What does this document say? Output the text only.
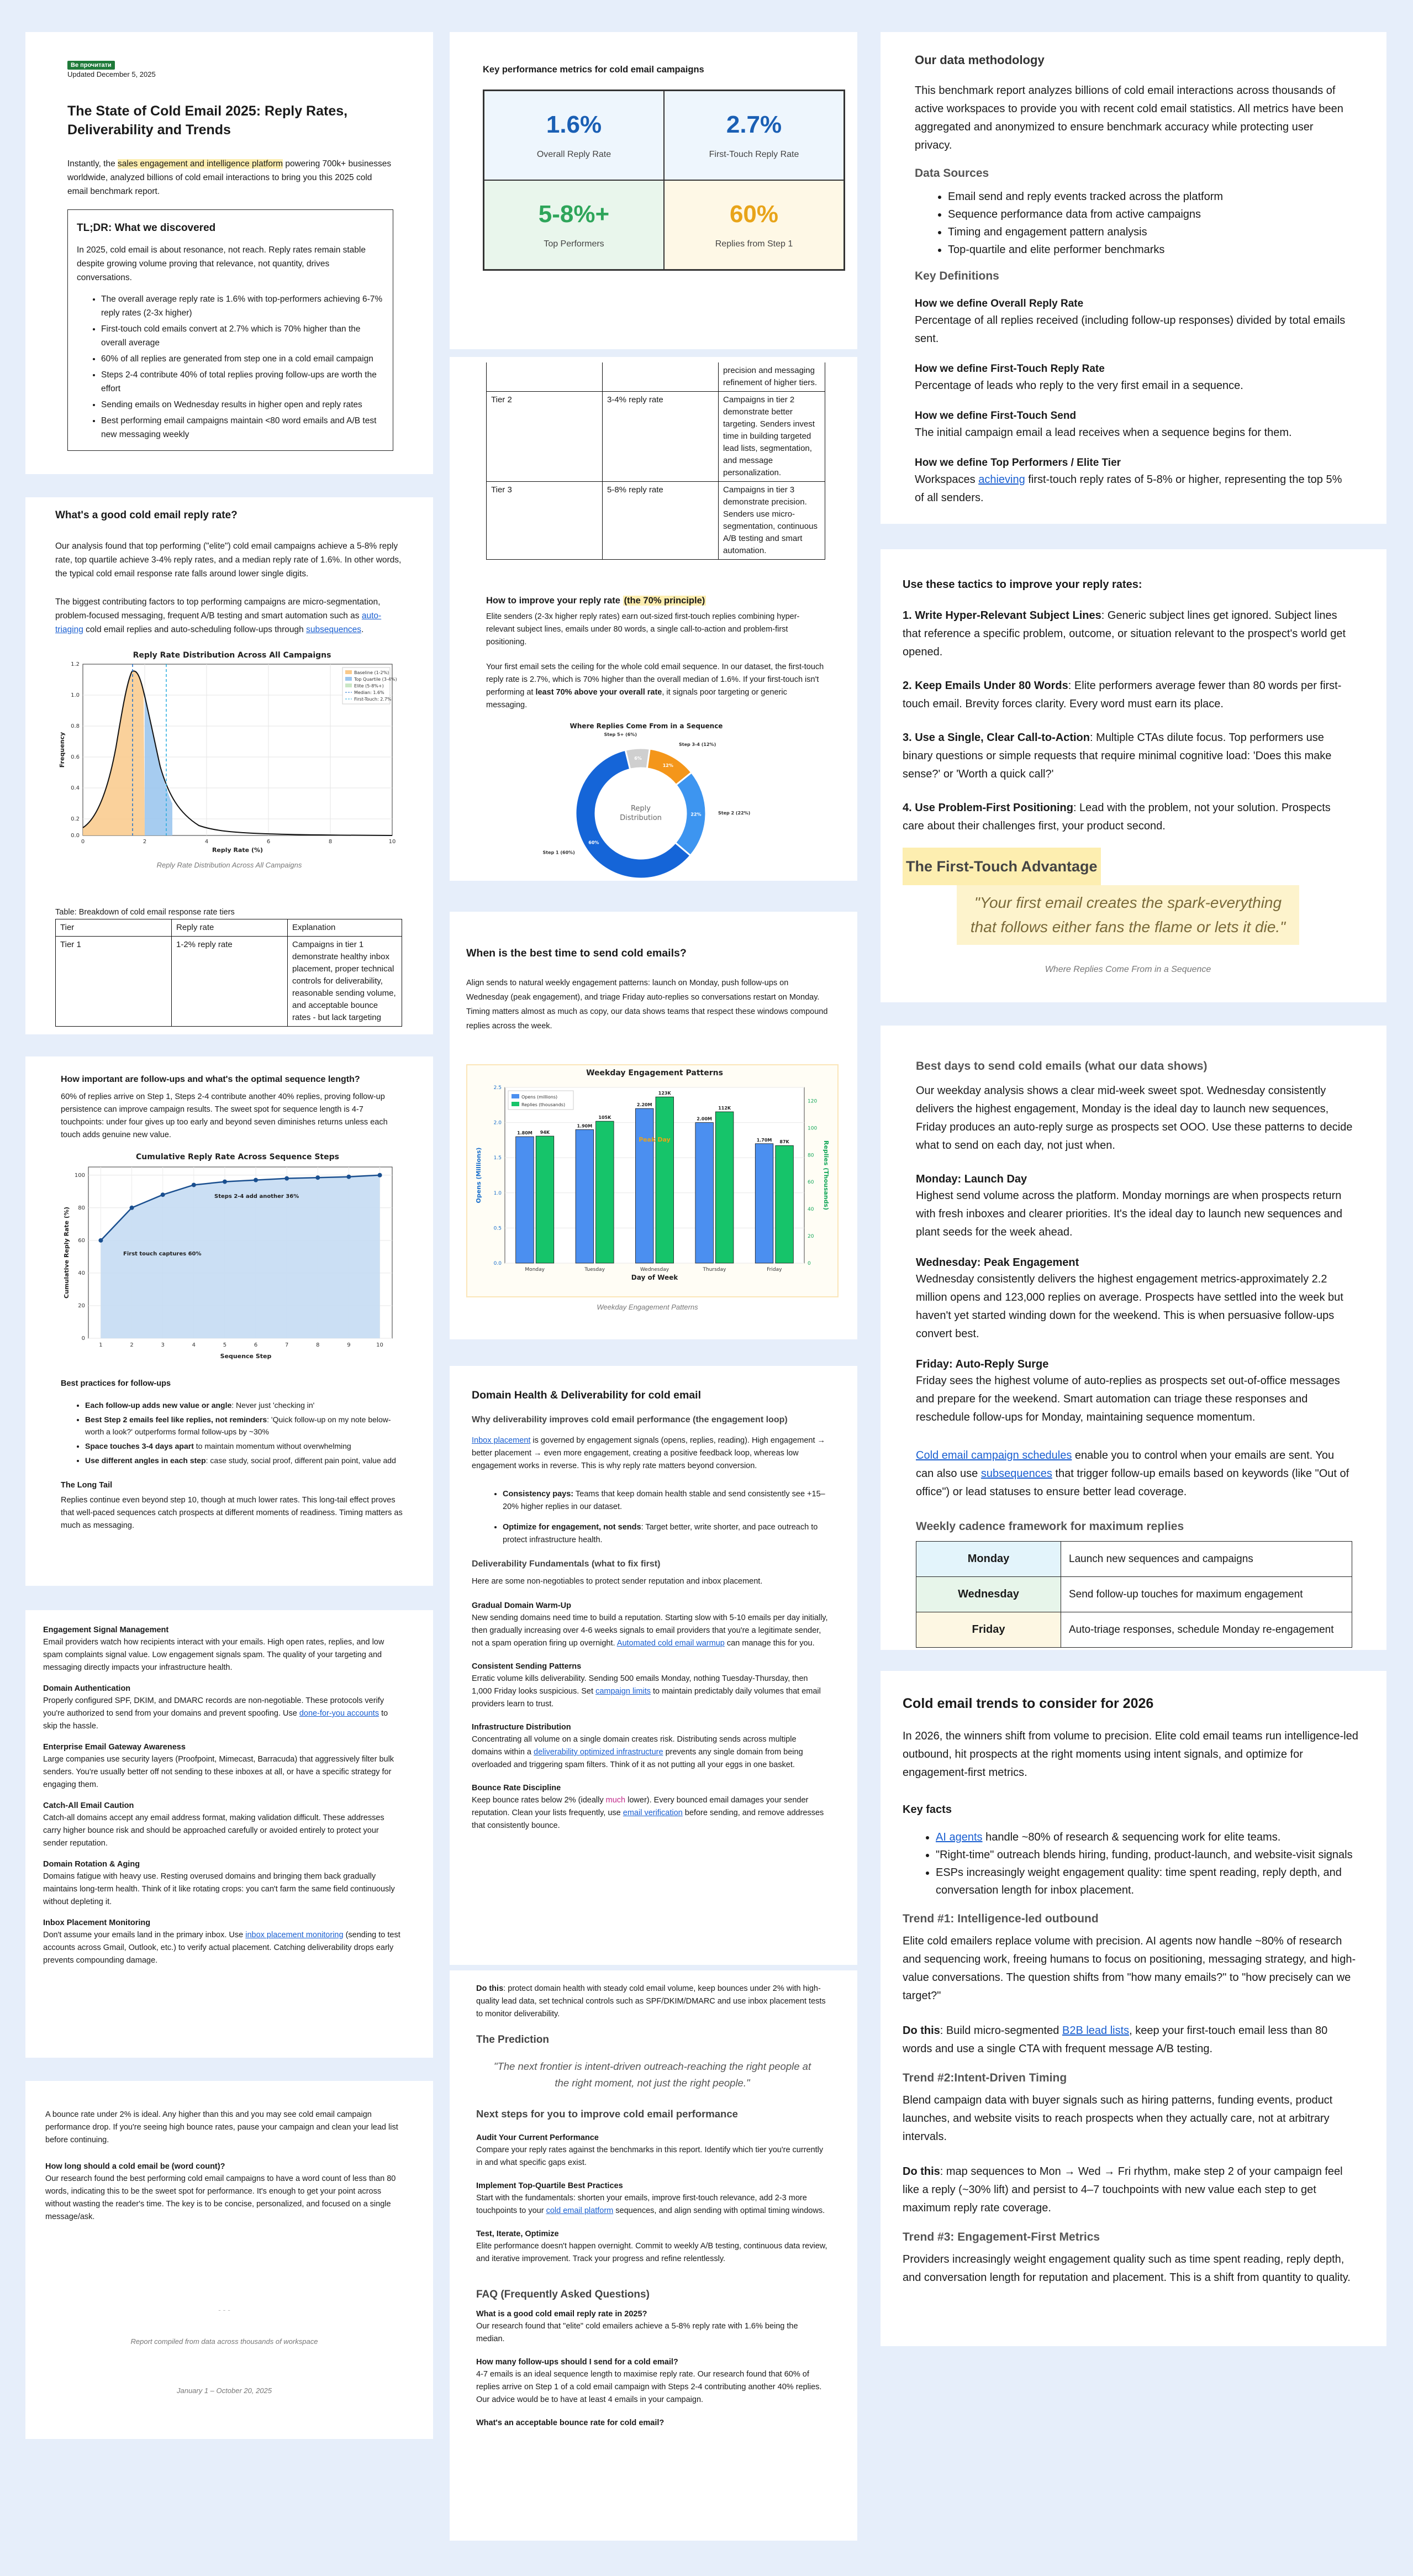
Be прочитати
Updated December 5, 2025
The State of Cold Email 2025: Reply Rates, Deliverability and Trends
Instantly, the sales engagement and intelligence platform powering 700k+ businesses worldwide, analyzed billions of cold email interactions to bring you this 2025 cold email benchmark report.
TL;DR: What we discovered
In 2025, cold email is about resonance, not reach. Reply rates remain stable despite growing volume proving that relevance, not quantity, drives conversations.
• The overall average reply rate is 1.6% with top-performers achieving 6-7% reply rates (2-3x higher)
• First-touch cold emails convert at 2.7% which is 70% higher than the overall average
• 60% of all replies are generated from step one in a cold email campaign
• Steps 2-4 contribute 40% of total replies proving follow-ups are worth the effort
• Sending emails on Wednesday results in higher open and reply rates
• Best performing email campaigns maintain <80 word emails and A/B test new messaging weekly
What's a good cold email reply rate?
Our analysis found that top performing ("elite") cold email campaigns achieve a 5-8% reply rate, top quartile achieve 3-4% reply rates, and a median reply rate of 1.6%. In other words, the typical cold email response rate falls around lower single digits.
The biggest contributing factors to top performing campaigns are micro-segmentation, problem-focused messaging, frequent A/B testing and smart automation such as auto-triaging cold email replies and auto-scheduling follow-ups through subsequences.
Reply Rate Distribution Across All Campaigns
0	2	4	6	8	10
0.0
0.2
0.4
0.6
0.8
1.0
1.2
Reply Rate (%)
Frequency
Baseline (1-2%)
Top Quartile (3-4%)
Elite (5-8%+)
Median: 1.6%
First-Touch: 2.7%
Reply Rate Distribution Across All Campaigns
Table: Breakdown of cold email response rate tiers
Tier	Reply rate	Explanation
Tier 1	1-2% reply rate	Campaigns in tier 1 demonstrate healthy inbox placement, proper technical controls for deliverability, reasonable sending volume, and acceptable bounce rates - but lack targeting
How important are follow-ups and what's the optimal sequence length?
60% of replies arrive on Step 1, Steps 2-4 contribute another 40% replies, proving follow-up persistence can improve campaign results. The sweet spot for sequence length is 4-7 touchpoints: under four gives up too early and beyond seven diminishes returns unless each touch adds genuine new value.
Cumulative Reply Rate Across Sequence Steps
1	2	3	4	5	6	7	8	9	10
0
20
40
60
80
100
First touch captures 60%
Steps 2-4 add another 36%
Sequence Step
Cumulative Reply Rate (%)
Best practices for follow-ups
• Each follow-up adds new value or angle: Never just 'checking in'
• Best Step 2 emails feel like replies, not reminders: 'Quick follow-up on my note below-worth a look?' outperforms formal follow-ups by ~30%
• Space touches 3-4 days apart to maintain momentum without overwhelming
• Use different angles in each step: case study, social proof, different pain point, value add
The Long Tail
Replies continue even beyond step 10, though at much lower rates. This long-tail effect proves that well-paced sequences catch prospects at different moments of readiness. Timing matters as much as messaging.
Engagement Signal Management
Email providers watch how recipients interact with your emails. High open rates, replies, and low spam complaints signal value. Low engagement signals spam. The quality of your targeting and messaging directly impacts your infrastructure health.
Domain Authentication
Properly configured SPF, DKIM, and DMARC records are non-negotiable. These protocols verify you're authorized to send from your domains and prevent spoofing. Use done-for-you accounts to skip the hassle.
Enterprise Email Gateway Awareness
Large companies use security layers (Proofpoint, Mimecast, Barracuda) that aggressively filter bulk senders. You're usually better off not sending to these inboxes at all, or have a specific strategy for engaging them.
Catch-All Email Caution
Catch-all domains accept any email address format, making validation difficult. These addresses carry higher bounce risk and should be approached carefully or avoided entirely to protect your sender reputation.
Domain Rotation & Aging
Domains fatigue with heavy use. Resting overused domains and bringing them back gradually maintains long-term health. Think of it like rotating crops: you can't farm the same field continuously without depleting it.
Inbox Placement Monitoring
Don't assume your emails land in the primary inbox. Use inbox placement monitoring (sending to test accounts across Gmail, Outlook, etc.) to verify actual placement. Catching deliverability drops early prevents compounding damage.
A bounce rate under 2% is ideal. Any higher than this and you may see cold email campaign performance drop. If you're seeing high bounce rates, pause your campaign and clean your lead list before continuing.
How long should a cold email be (word count)?
Our research found the best performing cold email campaigns to have a word count of less than 80 words, indicating this to be the sweet spot for performance. It's enough to get your point across without wasting the reader's time. The key is to be concise, personalized, and focused on a single message/ask.
- - -
Report compiled from data across thousands of workspace
January 1 – October 20, 2025
Key performance metrics for cold email campaigns
1.6%
Overall Reply Rate
2.7%
First-Touch Reply Rate
5-8%+
Top Performers
60%
Replies from Step 1
		precision and messaging refinement of higher tiers.
Tier 2	3-4% reply rate	Campaigns in tier 2 demonstrate better targeting. Senders invest time in building targeted lead lists, segmentation, and message personalization.
Tier 3	5-8% reply rate	Campaigns in tier 3 demonstrate precision. Senders use micro-segmentation, continuous A/B testing and smart automation.
How to improve your reply rate (the 70% principle)
Elite senders (2-3x higher reply rates) earn out-sized first-touch replies combining hyper-relevant subject lines, emails under 80 words, a single call-to-action and problem-first positioning.
Your first email sets the ceiling for the whole cold email sequence. In our dataset, the first-touch reply rate is 2.7%, which is 70% higher than the overall median of 1.6%. If your first-touch isn't performing at least 70% above your overall rate, it signals poor targeting or generic messaging.
Where Replies Come From in a Sequence
6%
Step 5+ (6%)
12%
Step 3-4 (12%)
22%	Step 2 (22%)
60%
Step 1 (60%)
Reply
Distribution
When is the best time to send cold emails?
Align sends to natural weekly engagement patterns: launch on Monday, push follow-ups on Wednesday (peak engagement), and triage Friday auto-replies so conversations restart on Monday. Timing matters almost as much as copy, our data shows teams that respect these windows compound replies across the week.
Weekday Engagement Patterns
0.0
0.5
1.0
1.5
2.0
2.5
0
20
40
60
80
100
120
1.80M 94K
Monday
1.90M
105K
Tuesday
2.20M
123K
Wednesday
Peak Day
2.00M
112K
Thursday
1.70M 87K
Friday
Day of Week
Opens (Millions)	Replies (Thousands)
Opens (millions)
Replies (thousands)
Weekday Engagement Patterns
Domain Health & Deliverability for cold email
Why deliverability improves cold email performance (the engagement loop)
Inbox placement is governed by engagement signals (opens, replies, reading). High engagement → better placement → even more engagement, creating a positive feedback loop, whereas low engagement works in reverse. This is why reply rate matters beyond conversion.
• Consistency pays: Teams that keep domain health stable and send consistently see +15–20% higher replies in our dataset.
• Optimize for engagement, not sends: Target better, write shorter, and pace outreach to protect infrastructure health.
Deliverability Fundamentals (what to fix first)
Here are some non-negotiables to protect sender reputation and inbox placement.
Gradual Domain Warm-Up
New sending domains need time to build a reputation. Starting slow with 5-10 emails per day initially, then gradually increasing over 4-6 weeks signals to email providers that you're a legitimate sender, not a spam operation firing up overnight. Automated cold email warmup can manage this for you.
Consistent Sending Patterns
Erratic volume kills deliverability. Sending 500 emails Monday, nothing Tuesday-Thursday, then 1,000 Friday looks suspicious. Set campaign limits to maintain predictably daily volumes that email providers learn to trust.
Infrastructure Distribution
Concentrating all volume on a single domain creates risk. Distributing sends across multiple domains within a deliverability optimized infrastructure prevents any single domain from being overloaded and triggering spam filters. Think of it as not putting all your eggs in one basket.
Bounce Rate Discipline
Keep bounce rates below 2% (ideally much lower). Every bounced email damages your sender reputation. Clean your lists frequently, use email verification before sending, and remove addresses that consistently bounce.
Do this: protect domain health with steady cold email volume, keep bounces under 2% with high-quality lead data, set technical controls such as SPF/DKIM/DMARC and use inbox placement tests to monitor deliverability.
The Prediction
"The next frontier is intent-driven outreach-reaching the right people at the right moment, not just the right people."
Next steps for you to improve cold email performance
Audit Your Current Performance
Compare your reply rates against the benchmarks in this report. Identify which tier you're currently in and what specific gaps exist.
Implement Top-Quartile Best Practices
Start with the fundamentals: shorten your emails, improve first-touch relevance, add 2-3 more touchpoints to your cold email platform sequences, and align sending with optimal timing windows.
Test, Iterate, Optimize
Elite performance doesn't happen overnight. Commit to weekly A/B testing, continuous data review, and iterative improvement. Track your progress and refine relentlessly.
FAQ (Frequently Asked Questions)
What is a good cold email reply rate in 2025?
Our research found that "elite" cold emailers achieve a 5-8% reply rate with 1.6% being the median.
How many follow-ups should I send for a cold email?
4-7 emails is an ideal sequence length to maximise reply rate. Our research found that 60% of replies arrive on Step 1 of a cold email campaign with Steps 2-4 contributing another 40% replies. Our advice would be to have at least 4 emails in your campaign.
What's an acceptable bounce rate for cold email?
Our data methodology
This benchmark report analyzes billions of cold email interactions across thousands of active workspaces to provide you with recent cold email statistics. All metrics have been aggregated and anonymized to ensure benchmark accuracy while protecting user privacy.
Data Sources
• Email send and reply events tracked across the platform
• Sequence performance data from active campaigns
• Timing and engagement pattern analysis
• Top-quartile and elite performer benchmarks
Key Definitions
How we define Overall Reply Rate
Percentage of all replies received (including follow-up responses) divided by total emails sent.
How we define First-Touch Reply Rate
Percentage of leads who reply to the very first email in a sequence.
How we define First-Touch Send
The initial campaign email a lead receives when a sequence begins for them.
How we define Top Performers / Elite Tier
Workspaces achieving first-touch reply rates of 5-8% or higher, representing the top 5% of all senders.
Use these tactics to improve your reply rates:
1. Write Hyper-Relevant Subject Lines: Generic subject lines get ignored. Subject lines that reference a specific problem, outcome, or situation relevant to the prospect's world get opened.
2. Keep Emails Under 80 Words: Elite performers average fewer than 80 words per first-touch email. Brevity forces clarity. Every word must earn its place.
3. Use a Single, Clear Call-to-Action: Multiple CTAs dilute focus. Top performers use binary questions or simple requests that require minimal cognitive load: 'Does this make sense?' or 'Worth a quick call?'
4. Use Problem-First Positioning: Lead with the problem, not your solution. Prospects care about their challenges first, your product second.
The First-Touch Advantage
"Your first email creates the spark-everything that follows either fans the flame or lets it die."
Where Replies Come From in a Sequence
Best days to send cold emails (what our data shows)
Our weekday analysis shows a clear mid-week sweet spot. Wednesday consistently delivers the highest engagement, Monday is the ideal day to launch new sequences, Friday produces an auto-reply surge as prospects set OOO. Use these patterns to decide what to send on each day, not just when.
Monday: Launch Day
Highest send volume across the platform. Monday mornings are when prospects return with fresh inboxes and clearer priorities. It's the ideal day to launch new sequences and plant seeds for the week ahead.
Wednesday: Peak Engagement
Wednesday consistently delivers the highest engagement metrics-approximately 2.2 million opens and 123,000 replies on average. Prospects have settled into the week but haven't yet started winding down for the weekend. This is when persuasive follow-ups convert best.
Friday: Auto-Reply Surge
Friday sees the highest volume of auto-replies as prospects set out-of-office messages and prepare for the weekend. Smart automation can triage these responses and reschedule follow-ups for Monday, maintaining sequence momentum.
Cold email campaign schedules enable you to control when your emails are sent. You can also use subsequences that trigger follow-up emails based on keywords (like "Out of office") or lead statuses to ensure better lead coverage.
Weekly cadence framework for maximum replies
Monday	Launch new sequences and campaigns
Wednesday	Send follow-up touches for maximum engagement
Friday	Auto-triage responses, schedule Monday re-engagement
Cold email trends to consider for 2026
In 2026, the winners shift from volume to precision. Elite cold email teams run intelligence-led outbound, hit prospects at the right moments using intent signals, and optimize for engagement-first metrics.
Key facts
• AI agents handle ~80% of research & sequencing work for elite teams.
• "Right-time" outreach blends hiring, funding, product-launch, and website-visit signals
• ESPs increasingly weight engagement quality: time spent reading, reply depth, and conversation length for inbox placement.
Trend #1: Intelligence-led outbound
Elite cold emailers replace volume with precision. AI agents now handle ~80% of research and sequencing work, freeing humans to focus on positioning, messaging strategy, and high-value conversations. The question shifts from "how many emails?" to "how precisely can we target?"
Do this: Build micro-segmented B2B lead lists, keep your first-touch email less than 80 words and use a single CTA with frequent message A/B testing.
Trend #2:Intent-Driven Timing
Blend campaign data with buyer signals such as hiring patterns, funding events, product launches, and website visits to reach prospects when they actually care, not at arbitrary intervals.
Do this: map sequences to Mon → Wed → Fri rhythm, make step 2 of your campaign feel like a reply (~30% lift) and persist to 4–7 touchpoints with new value each step to get maximum reply rate coverage.
Trend #3: Engagement-First Metrics
Providers increasingly weight engagement quality such as time spent reading, reply depth, and conversation length for reputation and placement. This is a shift from quantity to quality.
